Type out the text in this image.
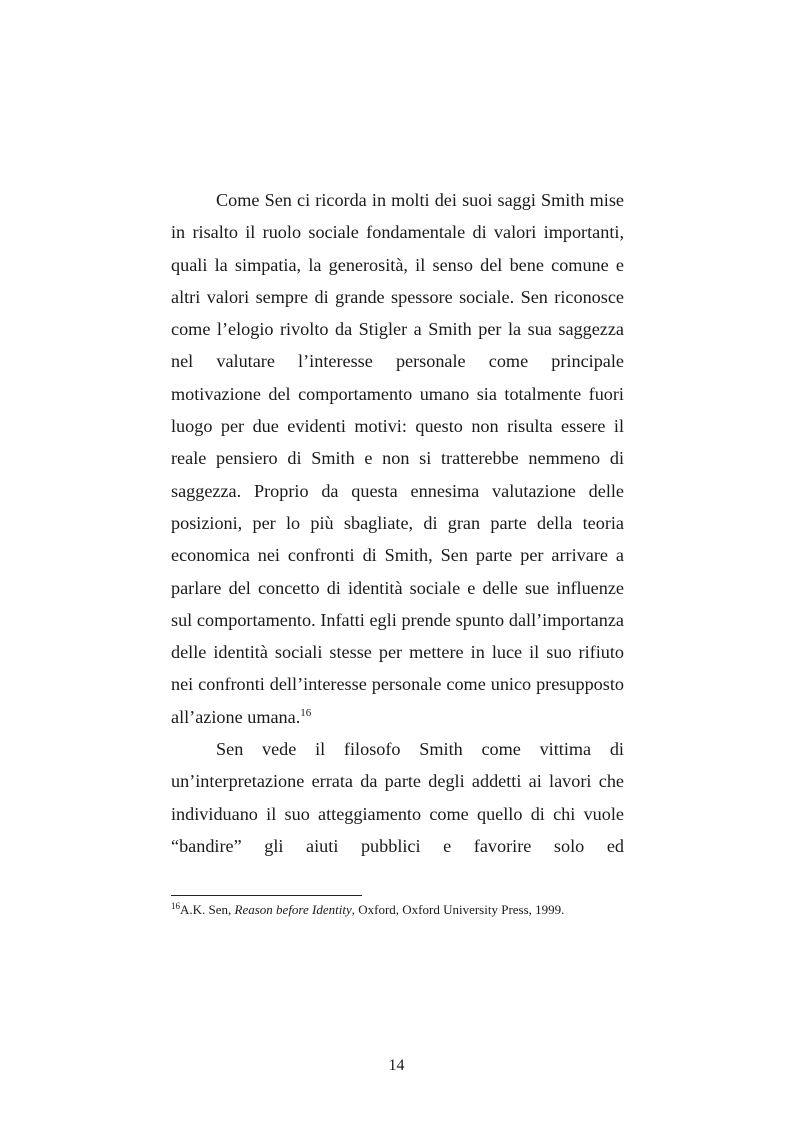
Come Sen ci ricorda in molti dei suoi saggi Smith mise in risalto il ruolo sociale fondamentale di valori importanti, quali la simpatia, la generosità, il senso del bene comune e altri valori sempre di grande spessore sociale. Sen riconosce come l’elogio rivolto da Stigler a Smith per la sua saggezza nel valutare l’interesse personale come principale motivazione del comportamento umano sia totalmente fuori luogo per due evidenti motivi: questo non risulta essere il reale pensiero di Smith e non si tratterebbe nemmeno di saggezza. Proprio da questa ennesima valutazione delle posizioni, per lo più sbagliate, di gran parte della teoria economica nei confronti di Smith, Sen parte per arrivare a parlare del concetto di identità sociale e delle sue influenze sul comportamento. Infatti egli prende spunto dall’importanza delle identità sociali stesse per mettere in luce il suo rifiuto nei confronti dell’interesse personale come unico presupposto all’azione umana.$^{16}$

Sen vede il filosofo Smith come vittima di un’interpretazione errata da parte degli addetti ai lavori che individuano il suo atteggiamento come quello di chi vuole “bandire” gli aiuti pubblici e favorire solo ed

$^{16}$A.K. Sen, Reason before Identity, Oxford, Oxford University Press, 1999.
14
